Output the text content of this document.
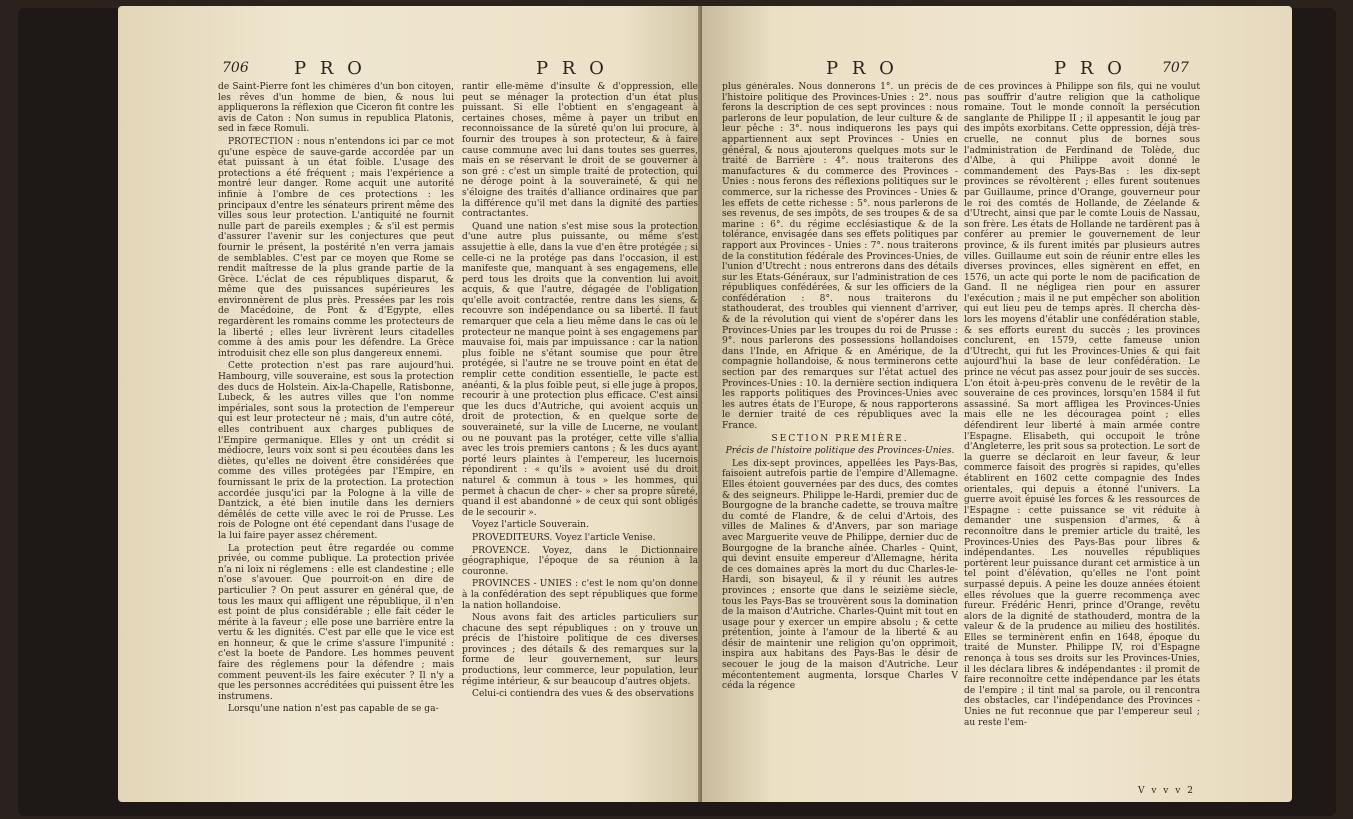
706	P R O	P R O

de Saint-Pierre font les chimères d'un bon citoyen, les rêves d'un homme de bien, & nous lui appliquerons la réflexion que Ciceron fit contre les avis de Caton : Non sumus in republica Platonis, sed in fæce Romuli.

PROTECTION : nous n'entendons ici par ce mot qu'une espèce de sauve-garde accordée par un état puissant à un état foible. L'usage des protections a été fréquent ; mais l'expérience a montré leur danger. Rome acquit une autorité infinie à l'ombre de ces protections : les principaux d'entre les sénateurs prirent même des villes sous leur protection. L'antiquité ne fournit nulle part de pareils exemples ; & s'il est permis d'assurer l'avenir sur les conjectures que peut fournir le présent, la postérité n'en verra jamais de semblables. C'est par ce moyen que Rome se rendit maîtresse de la plus grande partie de la Grèce. L'éclat de ces républiques disparut, & même que des puissances supérieures les environnèrent de plus près. Pressées par les rois de Macédoine, de Pont & d'Egypte, elles regardèrent les romains comme les protecteurs de la liberté ; elles leur livrèrent leurs citadelles comme à des amis pour les défendre. La Grèce introduisit chez elle son plus dangereux ennemi.

Cette protection n'est pas rare aujourd'hui. Hambourg, ville souveraine, est sous la protection des ducs de Holstein. Aix-la-Chapelle, Ratisbonne, Lubeck, & les autres villes que l'on nomme impériales, sont sous la protection de l'empereur qui est leur protecteur né ; mais, d'un autre côté, elles contribuent aux charges publiques de l'Empire germanique. Elles y ont un crédit si médiocre, leurs voix sont si peu écoutées dans les diètes, qu'elles ne doivent être considérées que comme des villes protégées par l'Empire, en fournissant le prix de la protection. La protection accordée jusqu'ici par la Pologne à la ville de Dantzick, a été bien inutile dans les derniers démêlés de cette ville avec le roi de Prusse. Les rois de Pologne ont été cependant dans l'usage de la lui faire payer assez chérement.

La protection peut être regardée ou comme privée, ou comme publique. La protection privée n'a ni loix ni réglemens : elle est clandestine ; elle n'ose s'avouer. Que pourroit-on en dire de particulier ? On peut assurer en général que, de tous les maux qui affligent une république, il n'en est point de plus considérable ; elle fait céder le mérite à la faveur ; elle pose une barrière entre la vertu & les dignités. C'est par elle que le vice est en honneur, & que le crime s'assure l'impunité : c'est la boete de Pandore. Les hommes peuvent faire des réglemens pour la défendre ; mais comment peuvent-ils les faire exécuter ? Il n'y a que les personnes accréditées qui puissent être les instrumens.

Lorsqu'une nation n'est pas capable de se ga-

rantir elle-même d'insulte & d'oppression, elle peut se ménager la protection d'un état plus puissant. Si elle l'obtient en s'engageant à certaines choses, même à payer un tribut en reconnoissance de la sûreté qu'on lui procure, à fournir des troupes à son protecteur, & à faire cause commune avec lui dans toutes ses guerres, mais en se réservant le droit de se gouverner à son gré : c'est un simple traité de protection, qui ne déroge point à la souveraineté, & qui ne s'éloigne des traités d'alliance ordinaires que par la différence qu'il met dans la dignité des parties contractantes.

Quand une nation s'est mise sous la protection d'une autre plus puissante, ou même s'est assujettie à elle, dans la vue d'en être protégée ; si celle-ci ne la protége pas dans l'occasion, il est manifeste que, manquant à ses engagemens, elle perd tous les droits que la convention lui avoit acquis, & que l'autre, dégagée de l'obligation qu'elle avoit contractée, rentre dans les siens, & recouvre son indépendance ou sa liberté. Il faut remarquer que cela a lieu même dans le cas où le protecteur ne manque point à ses engagemens par mauvaise foi, mais par impuissance : car la nation plus foible ne s'étant soumise que pour être protégée, si l'autre ne se trouve point en état de remplir cette condition essentielle, le pacte est anéanti, & la plus foible peut, si elle juge à propos, recourir à une protection plus efficace. C'est ainsi que les ducs d'Autriche, qui avoient acquis un droit de protection, & en quelque sorte de souveraineté, sur la ville de Lucerne, ne voulant ou ne pouvant pas la protéger, cette ville s'allia avec les trois premiers cantons ; & les ducs ayant porté leurs plaintes à l'empereur, les lucernois répondirent : « qu'ils » avoient usé du droit naturel & commun à tous » les hommes, qui permet à chacun de cher- » cher sa propre sûreté, quand il est abandonné » de ceux qui sont obligés de le secourir ».

Voyez l'article Souverain.

PROVEDITEURS. Voyez l'article Venise.

PROVENCE. Voyez, dans le Dictionnaire géographique, l'époque de sa réunion à la couronne.

PROVINCES - UNIES : c'est le nom qu'on donne à la confédération des sept républiques que forme la nation hollandoise.

Nous avons fait des articles particuliers sur chacune des sept républiques : on y trouve un précis de l'histoire politique de ces diverses provinces ; des détails & des remarques sur la forme de leur gouvernement, sur leurs productions, leur commerce, leur population, leur régime intérieur, & sur beaucoup d'autres objets.

Celui-ci contiendra des vues & des observations

P R O	P R O	707

plus générales. Nous donnerons 1°. un précis de l'histoire politique des Provinces-Unies : 2°. nous ferons la description de ces sept provinces : nous parlerons de leur population, de leur culture & de leur pêche : 3°. nous indiquerons les pays qui appartiennent aux sept Provinces - Unies en général, & nous ajouterons quelques mots sur le traité de Barrière : 4°. nous traiterons des manufactures & du commerce des Provinces - Unies : nous ferons des réflexions politiques sur le commerce, sur la richesse des Provinces - Unies & les effets de cette richesse : 5°. nous parlerons de ses revenus, de ses impôts, de ses troupes & de sa marine : 6°. du régime ecclésiastique & de la tolérance, envisagée dans ses effets politiques par rapport aux Provinces - Unies : 7°. nous traiterons de la constitution fédérale des Provinces-Unies, de l'union d'Utrecht : nous entrerons dans des détails sur les Etats-Généraux, sur l'administration de ces républiques confédérées, & sur les officiers de la confédération : 8°. nous traiterons du stathouderat, des troubles qui viennent d'arriver, & de la révolution qui vient de s'opérer dans les Provinces-Unies par les troupes du roi de Prusse : 9°. nous parlerons des possessions hollandoises dans l'Inde, en Afrique & en Amérique, de la compagnie hollandoise, & nous terminerons cette section par des remarques sur l'état actuel des Provinces-Unies : 10. la dernière section indiquera les rapports politiques des Provinces-Unies avec les autres états de l'Europe, & nous rapporterons le dernier traité de ces républiques avec la France.

SECTION PREMIÈRE.

Précis de l'histoire politique des Provinces-Unies.

Les dix-sept provinces, appellées les Pays-Bas, faisoient autrefois partie de l'empire d'Allemagne. Elles étoient gouvernées par des ducs, des comtes & des seigneurs. Philippe le-Hardi, premier duc de Bourgogne de la branche cadette, se trouva maître du comté de Flandre, & de celui d'Artois, des villes de Malines & d'Anvers, par son mariage avec Marguerite veuve de Philippe, dernier duc de Bourgogne de la branche aînée. Charles - Quint, qui devint ensuite empereur d'Allemagne, hérita de ces domaines après la mort du duc Charles-le-Hardi, son bisayeul, & il y réunit les autres provinces ; ensorte que dans le seizième siècle, tous les Pays-Bas se trouvèrent sous la domination de la maison d'Autriche. Charles-Quint mit tout en usage pour y exercer un empire absolu ; & cette prétention, jointe à l'amour de la liberté & au désir de maintenir une religion qu'on opprimoit, inspira aux habitans des Pays-Bas le désir de secouer le joug de la maison d'Autriche. Leur mécontentement augmenta, lorsque Charles V céda la régence

de ces provinces à Philippe son fils, qui ne voulut pas souffrir d'autre religion que la catholique romaine. Tout le monde connoît la persécution sanglante de Philippe II ; il appesantit le joug par des impôts exorbitans. Cette oppression, déjà très-cruelle, ne connut plus de bornes sous l'administration de Ferdinand de Tolède, duc d'Albe, à qui Philippe avoit donné le commandement des Pays-Bas : les dix-sept provinces se révoltèrent ; elles furent soutenues par Guillaume, prince d'Orange, gouverneur pour le roi des comtés de Hollande, de Zéelande & d'Utrecht, ainsi que par le comte Louis de Nassau, son frère. Les états de Hollande ne tardèrent pas à conférer au premier le gouvernement de leur province, & ils furent imités par plusieurs autres villes. Guillaume eut soin de réunir entre elles les diverses provinces, elles signèrent en effet, en 1576, un acte qui porte le nom de pacification de Gand. Il ne négligea rien pour en assurer l'exécution ; mais il ne put empêcher son abolition qui eut lieu peu de temps après. Il chercha dès-lors les moyens d'établir une confédération stable, & ses efforts eurent du succès ; les provinces conclurent, en 1579, cette fameuse union d'Utrecht, qui fut les Provinces-Unies & qui fait aujourd'hui la base de leur confédération. Le prince ne vécut pas assez pour jouir de ses succès. L'on étoit à-peu-près convenu de le revêtir de la souveraine de ces provinces, lorsqu'en 1584 il fut assassiné. Sa mort affligea les Provinces-Unies mais elle ne les découragea point ; elles défendirent leur liberté à main armée contre l'Espagne. Elisabeth, qui occupoit le trône d'Angleterre, les prit sous sa protection. Le sort de la guerre se déclaroit en leur faveur, & leur commerce faisoit des progrès si rapides, qu'elles établirent en 1602 cette compagnie des Indes orientales, qui depuis a étonné l'univers. La guerre avoit épuisé les forces & les ressources de l'Espagne : cette puissance se vit réduite à demander une suspension d'armes, & à reconnoître dans le premier article du traité, les Provinces-Unies des Pays-Bas pour libres & indépendantes. Les nouvelles républiques portèrent leur puissance durant cet armistice à un tel point d'élévation, qu'elles ne l'ont point surpassé depuis. A peine les douze années étoient elles révolues que la guerre recommença avec fureur. Frédéric Henri, prince d'Orange, revêtu alors de la dignité de stathouderd, montra de la valeur & de la prudence au milieu des hostilités. Elles se terminèrent enfin en 1648, époque du traité de Munster. Philippe IV, roi d'Espagne renonça à tous ses droits sur les Provinces-Unies, il les déclara libres & indépendantes : il promit de faire reconnoître cette indépendance par les états de l'empire ; il tint mal sa parole, ou il rencontra des obstacles, car l'indépendance des Provinces - Unies ne fut reconnue que par l'empereur seul ; au reste l'em-

V v v v 2
